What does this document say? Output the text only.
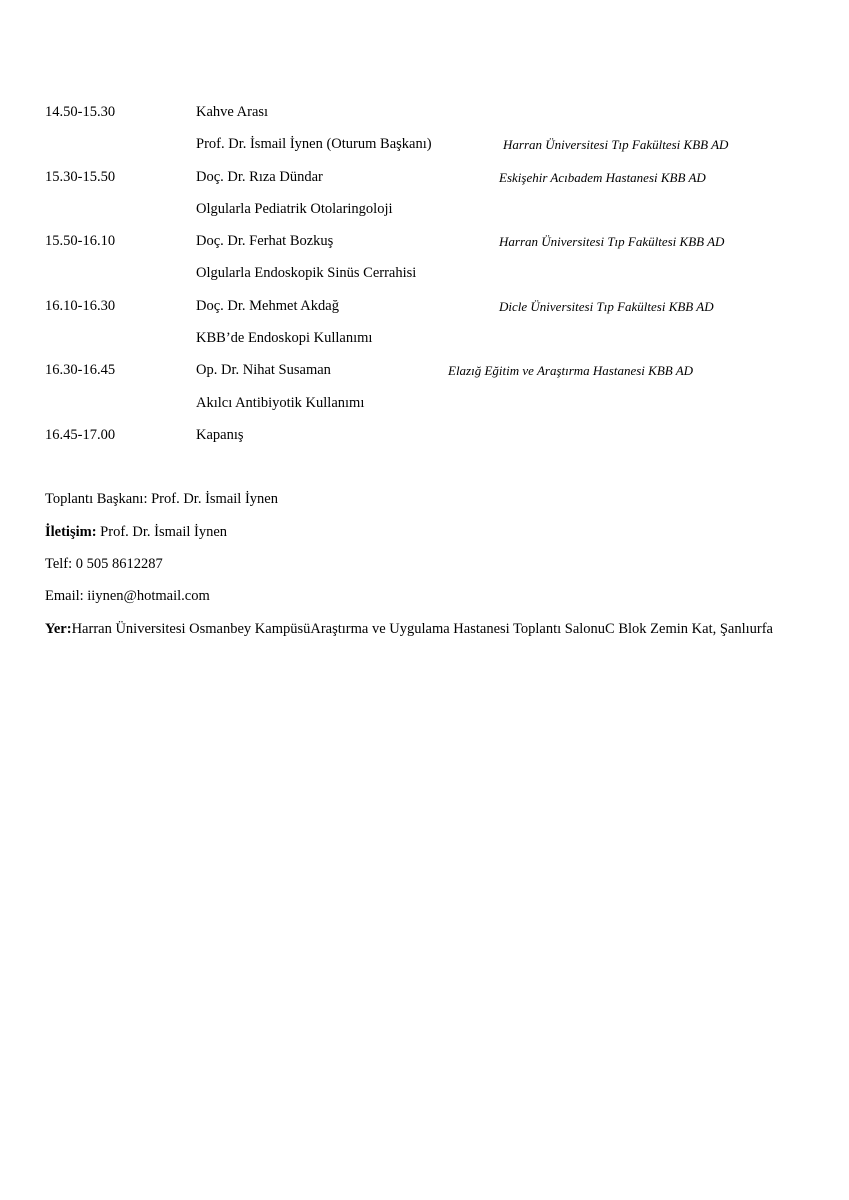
14.50-15.30	Kahve Arası
Prof. Dr. İsmail İynen (Oturum Başkanı)	Harran Üniversitesi Tıp Fakültesi KBB AD
15.30-15.50	Doç. Dr. Rıza Dündar	Eskişehir Acıbadem Hastanesi KBB AD
Olgularla Pediatrik Otolaringoloji
15.50-16.10	Doç. Dr. Ferhat Bozkuş	Harran Üniversitesi Tıp Fakültesi KBB AD
Olgularla Endoskopik Sinüs Cerrahisi
16.10-16.30	Doç. Dr. Mehmet Akdağ	Dicle Üniversitesi Tıp Fakültesi KBB AD
KBB’de Endoskopi Kullanımı
16.30-16.45	Op. Dr. Nihat Susaman	Elazığ Eğitim ve Araştırma Hastanesi KBB AD
Akılcı Antibiyotik Kullanımı
16.45-17.00	Kapanış
Toplantı Başkanı: Prof. Dr. İsmail İynen
İletişim: Prof. Dr. İsmail İynen
Telf: 0 505 8612287
Email: iiynen@hotmail.com
Yer:Harran Üniversitesi Osmanbey KampüsüAraştırma ve Uygulama Hastanesi Toplantı SalonuC Blok Zemin Kat, Şanlıurfa
